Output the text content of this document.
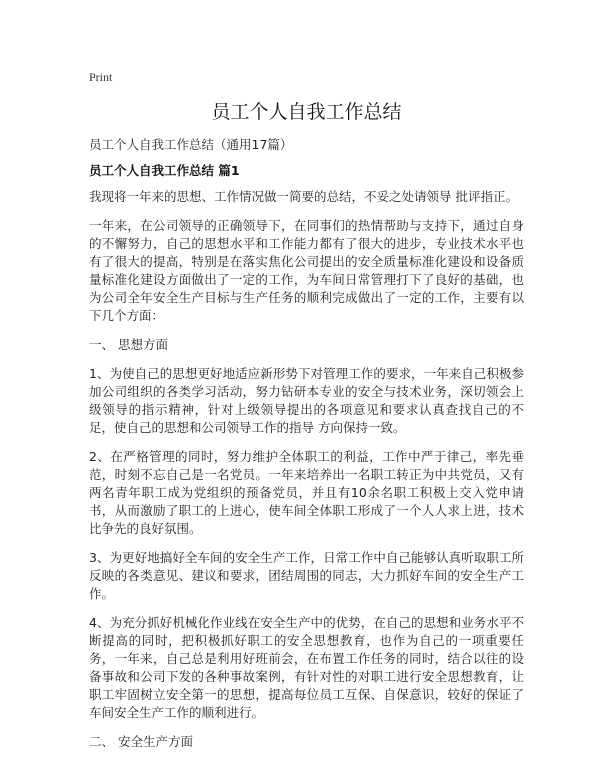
Print
员工个人自我工作总结

员工个人自我工作总结（通用17篇）

员工个人自我工作总结 篇1

我现将一年来的思想、工作情况做一简要的总结，不妥之处请领导 批评指正。

一年来，在公司领导的正确领导下，在同事们的热情帮助与支持下，通过自身的不懈努力，自己的思想水平和工作能力都有了很大的进步，专业技术水平也有了很大的提高，特别是在落实焦化公司提出的安全质量标准化建设和设备质量标准化建设方面做出了一定的工作，为车间日常管理打下了良好的基础，也为公司全年安全生产目标与生产任务的顺利完成做出了一定的工作，主要有以下几个方面：

一、 思想方面

1、为使自己的思想更好地适应新形势下对管理工作的要求，一年来自己积极参加公司组织的各类学习活动，努力钻研本专业的安全与技术业务，深切领会上级领导的指示精神，针对上级领导提出的各项意见和要求认真查找自己的不足，使自己的思想和公司领导工作的指导 方向保持一致。

2、在严格管理的同时，努力维护全体职工的利益，工作中严于律己，率先垂范，时刻不忘自己是一名党员。一年来培养出一名职工转正为中共党员，又有两名青年职工成为党组织的预备党员，并且有10余名职工积极上交入党申请 书，从而激励了职工的上进心，使车间全体职工形成了一个人人求上进，技术比争先的良好氛围。

3、为更好地搞好全车间的安全生产工作，日常工作中自己能够认真听取职工所反映的各类意见、建议和要求，团结周围的同志，大力抓好车间的安全生产工作。

4、为充分抓好机械化作业线在安全生产中的优势，在自己的思想和业务水平不断提高的同时，把积极抓好职工的安全思想教育，也作为自己的一项重要任务，一年来，自己总是利用好班前会，在布置工作任务的同时，结合以往的设备事故和公司下发的各种事故案例，有针对性的对职工进行安全思想教育，让职工牢固树立安全第一的思想，提高每位员工互保、自保意识，较好的保证了车间安全生产工作的顺利进行。

二、 安全生产方面
